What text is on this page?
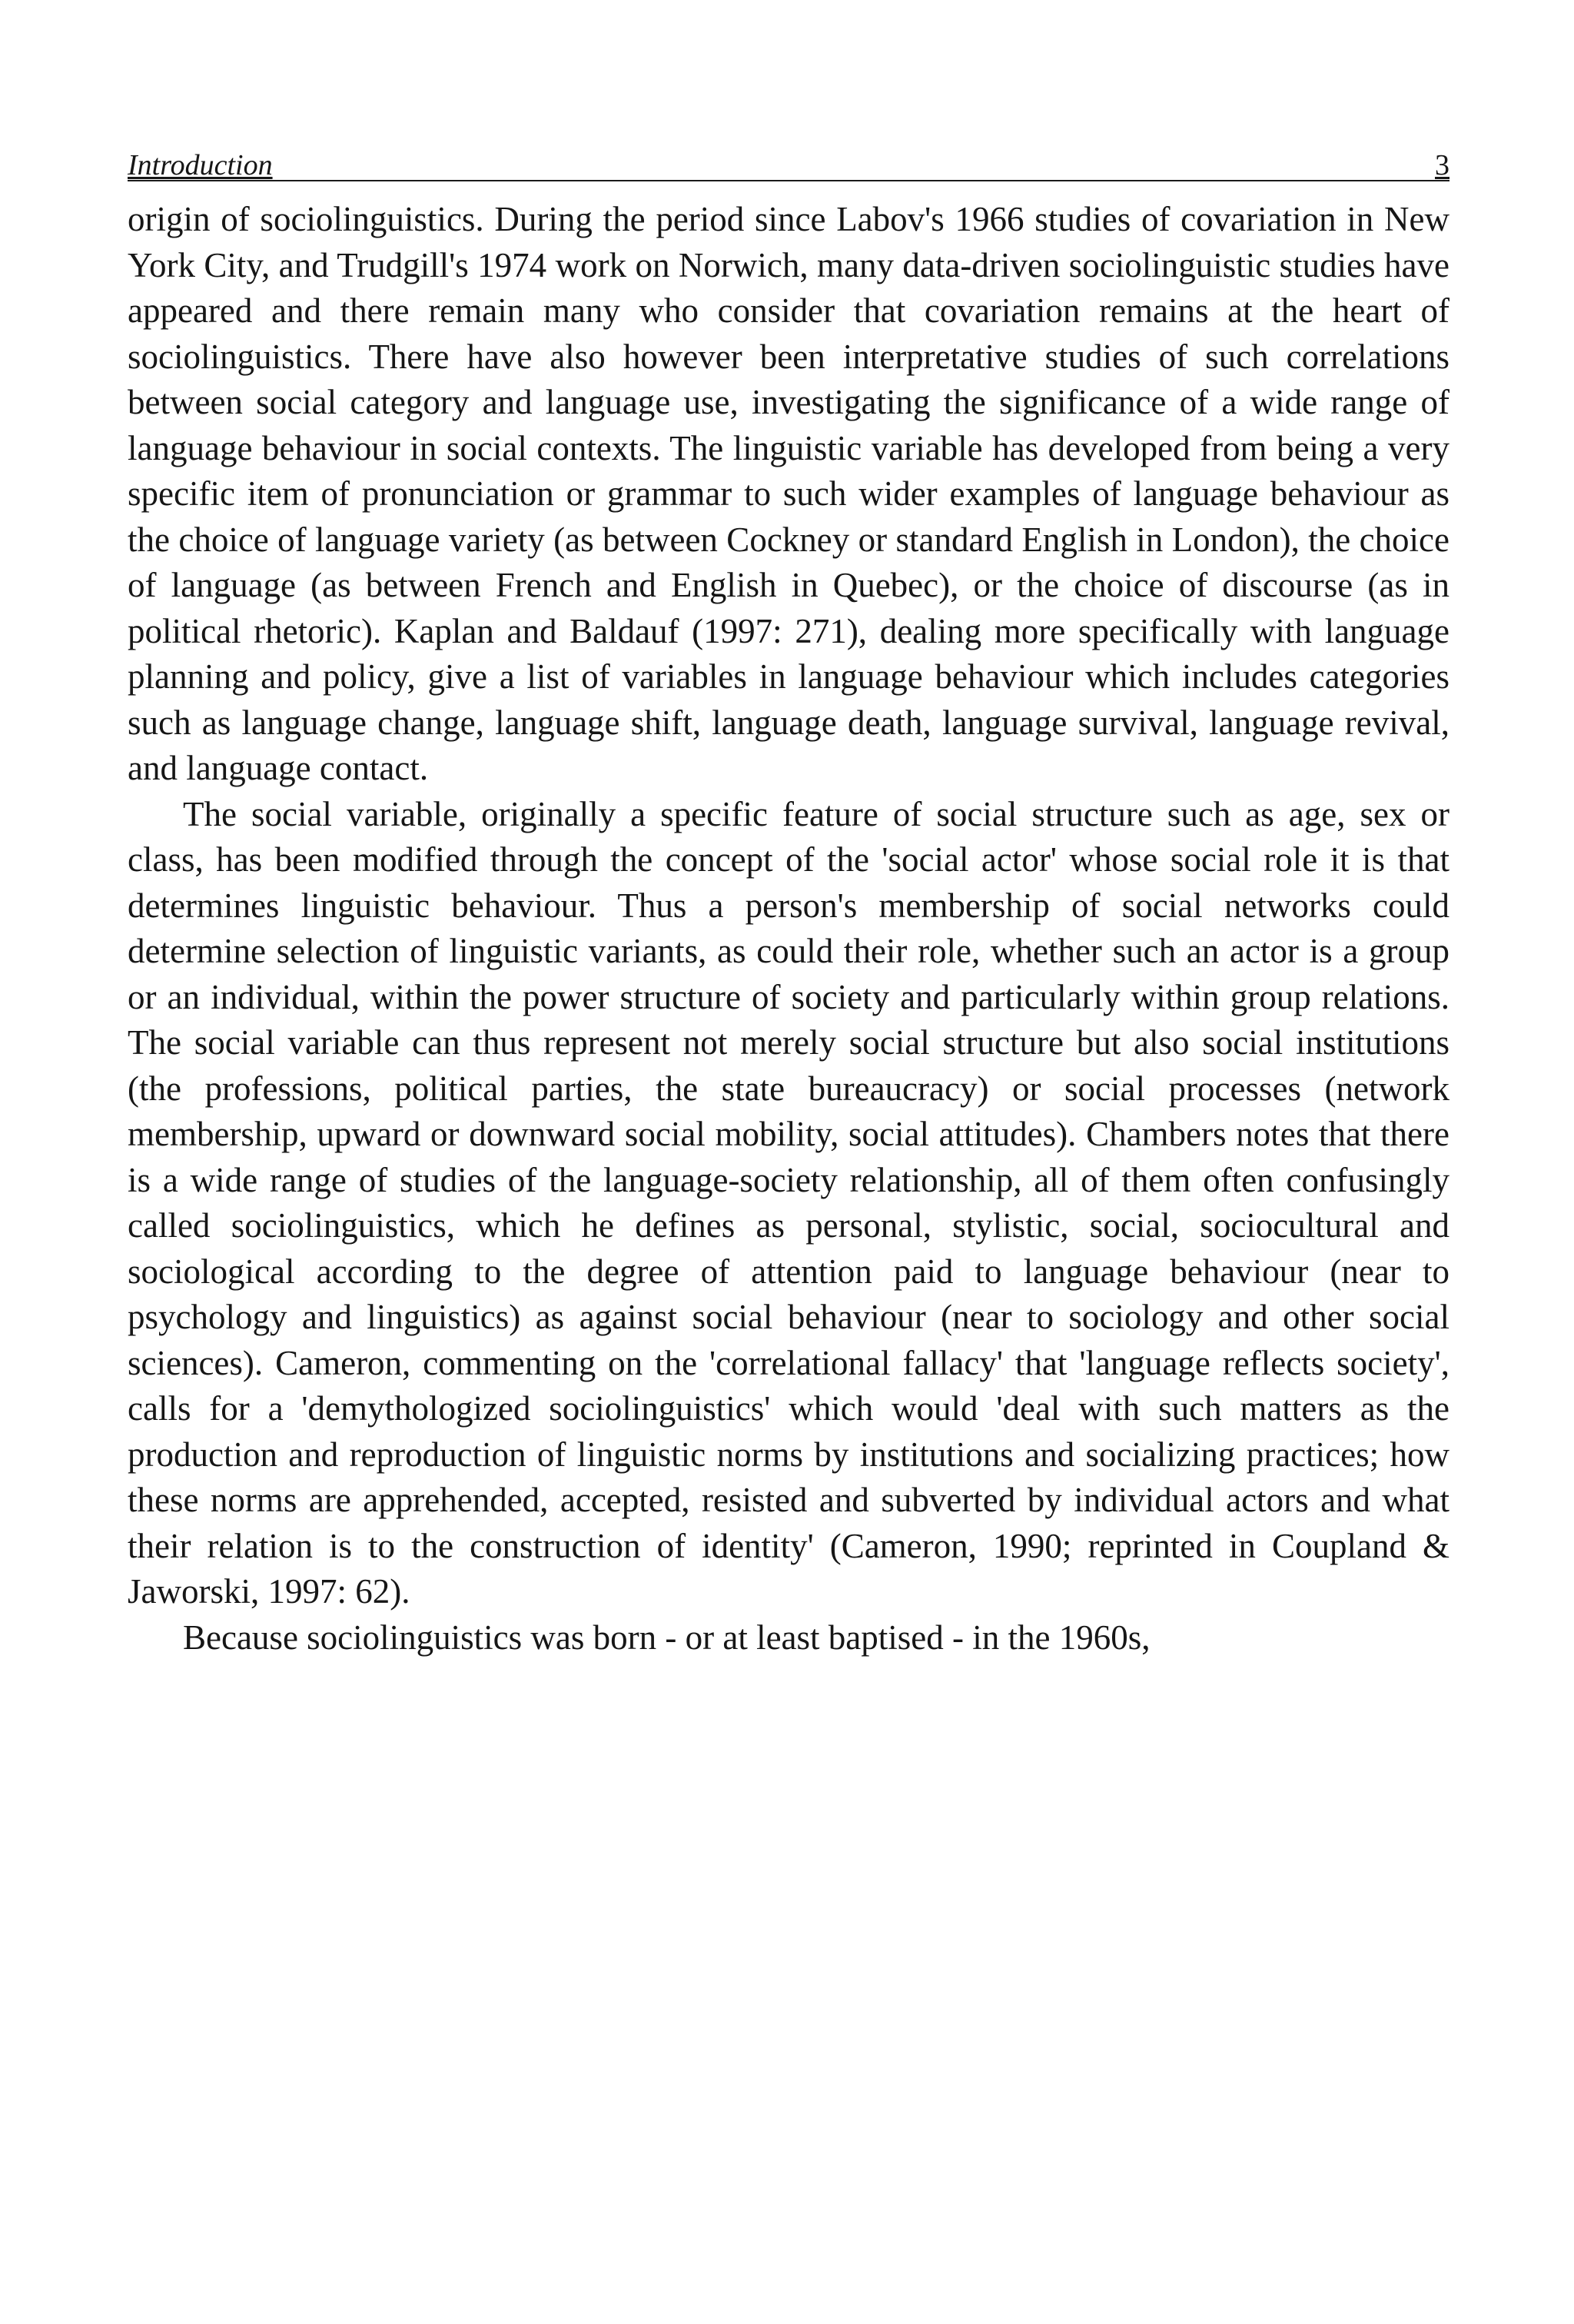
Introduction	3

origin of sociolinguistics. During the period since Labov's 1966 studies of covariation in New York City, and Trudgill's 1974 work on Norwich, many data-driven sociolinguistic studies have appeared and there remain many who consider that covariation remains at the heart of sociolinguistics. There have also however been interpretative studies of such correlations between social category and language use, investigating the significance of a wide range of language behaviour in social contexts. The linguistic variable has developed from being a very specific item of pronunciation or grammar to such wider examples of language behaviour as the choice of language variety (as between Cockney or standard English in London), the choice of language (as between French and English in Quebec), or the choice of discourse (as in political rhetoric). Kaplan and Baldauf (1997: 271), dealing more specifically with language planning and policy, give a list of variables in language behaviour which includes categories such as language change, language shift, language death, language survival, language revival, and language contact.

The social variable, originally a specific feature of social structure such as age, sex or class, has been modified through the concept of the 'social actor' whose social role it is that determines linguistic behaviour. Thus a person's membership of social networks could determine selection of linguistic variants, as could their role, whether such an actor is a group or an individual, within the power structure of society and particularly within group relations. The social variable can thus represent not merely social structure but also social institutions (the professions, political parties, the state bureaucracy) or social processes (network membership, upward or downward social mobility, social attitudes). Chambers notes that there is a wide range of studies of the language-society relationship, all of them often confusingly called sociolinguistics, which he defines as personal, stylistic, social, sociocultural and sociological according to the degree of attention paid to language behaviour (near to psychology and linguistics) as against social behaviour (near to sociology and other social sciences). Cameron, commenting on the 'correlational fallacy' that 'language reflects society', calls for a 'demythologized sociolinguistics' which would 'deal with such matters as the production and reproduction of linguistic norms by institutions and socializing practices; how these norms are apprehended, accepted, resisted and subverted by individual actors and what their relation is to the construction of identity' (Cameron, 1990; reprinted in Coupland & Jaworski, 1997: 62).

Because sociolinguistics was born - or at least baptised - in the 1960s,
